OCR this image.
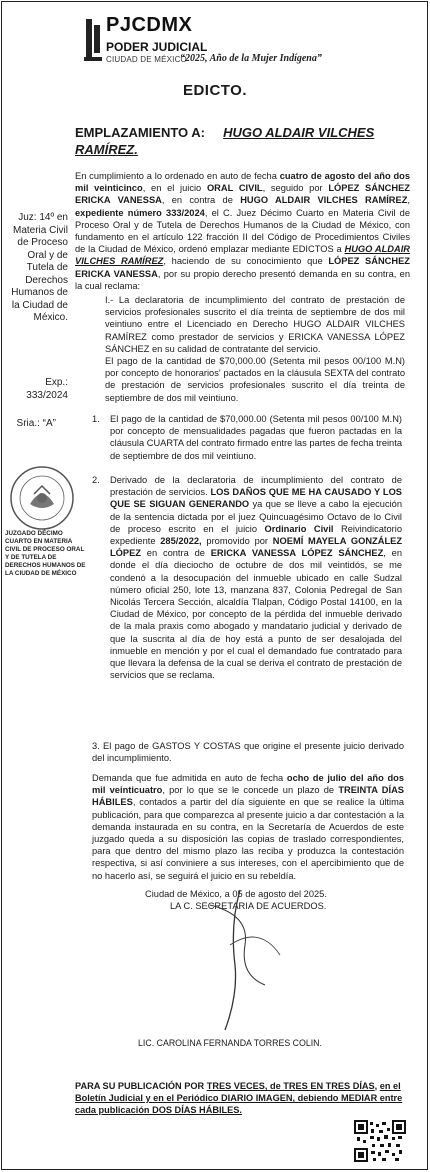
PJCDMX
PODER JUDICIAL
CIUDAD DE MÉXICO
“2025, Año de la Mujer Indígena”
EDICTO.
EMPLAZAMIENTO A: HUGO ALDAIR VILCHES RAMÍREZ.
Juz: 14º en Materia Civil de Proceso Oral y de Tutela de Derechos Humanos de la Ciudad de México.
Exp.: 333/2024
Sria.: “A”
JUZGADO DÉCIMO CUARTO EN MATERIA CIVIL DE PROCESO ORAL Y DE TUTELA DE DERECHOS HUMANOS DE LA CIUDAD DE MÉXICO
En cumplimiento a lo ordenado en auto de fecha cuatro de agosto del año dos mil veinticinco, en el juicio ORAL CIVIL, seguido por LÓPEZ SÁNCHEZ ERICKA VANESSA, en contra de HUGO ALDAIR VILCHES RAMÍREZ, expediente número 333/2024, el C. Juez Décimo Cuarto en Materia Civil de Proceso Oral y de Tutela de Derechos Humanos de la Ciudad de México, con fundamento en el artículo 122 fracción II del Código de Procedimientos Civiles de la Ciudad de México, ordenó emplazar mediante EDICTOS a HUGO ALDAIR VILCHES RAMÍREZ, haciendo de su conocimiento que LÓPEZ SÁNCHEZ ERICKA VANESSA, por su propio derecho presentó demanda en su contra, en la cual reclama:
I.- La declaratoria de incumplimiento del contrato de prestación de servicios profesionales suscrito el día treinta de septiembre de dos mil veintiuno entre el Licenciado en Derecho HUGO ALDAIR VILCHES RAMÍREZ como prestador de servicios y ERICKA VANESSA LÓPEZ SÁNCHEZ en su calidad de contratante del servicio.
El pago de la cantidad de $70,000.00 (Setenta mil pesos 00/100 M.N) por concepto de honorarios' pactados en la cláusula SEXTA del contrato de prestación de servicios profesionales suscrito el día treinta de septiembre de dos mil veintiuno.
1.	El pago de la cantidad de $70,000.00 (Setenta mil pesos 00/100 M.N) por concepto de mensualidades pagadas que fueron pactadas en la cláusula CUARTA del contrato firmado entre las partes de fecha treinta de septiembre de dos mil veintiuno.
2.	Derivado de la declaratoria de incumplimiento del contrato de prestación de servicios. LOS DAÑOS QUE ME HA CAUSADO Y LOS QUE SE SIGUAN GENERANDO ya que se lleve a cabo la ejecución de la sentencia dictada por el juez Quincuagésimo Octavo de lo Civil de proceso escrito en el juicio Ordinario Civil Reivindicatorio expediente 285/2022, promovido por NOEMÍ MAYELA GONZÁLEZ LÓPEZ en contra de ERICKA VANESSA LÓPEZ SÁNCHEZ, en donde el día dieciocho de octubre de dos mil veintidós, se me condenó a la desocupación del inmueble ubicado en calle Sudzal número oficial 250, lote 13, manzana 837, Colonia Pedregal de San Nicolás Tercera Sección, alcaldía Tlalpan, Código Postal 14100, en la Ciudad de México, por concepto de la pérdida del inmueble derivado de la mala praxis como abogado y mandatario judicial y derivado de que la suscrita al día de hoy está a punto de ser desalojada del inmueble en mención y por el cual el demandado fue contratado para que llevara la defensa de la cual se deriva el contrato de prestación de servicios que se reclama.
3. El pago de GASTOS Y COSTAS que origine el presente juicio derivado del incumplimiento.
Demanda que fue admitida en auto de fecha ocho de julio del año dos mil veinticuatro, por lo que se le concede un plazo de TREINTA DÍAS HÁBILES, contados a partir del día siguiente en que se realice la última publicación, para que comparezca al presente juicio a dar contestación a la demanda instaurada en su contra, en la Secretaría de Acuerdos de este juzgado queda a su disposición las copias de traslado correspondientes, para que dentro del mismo plazo las reciba y produzca la contestación respectiva, si así conviniere a sus intereses, con el apercibimiento que de no hacerlo así, se seguirá el juicio en su rebeldía.
Ciudad de México, a 05 de agosto del 2025.
LA C. SECRETARIA DE ACUERDOS.
LIC. CAROLINA FERNANDA TORRES COLIN.
PARA SU PUBLICACIÓN POR TRES VECES, de TRES EN TRES DÍAS, en el Boletín Judicial y en el Periódico DIARIO IMAGEN, debiendo MEDIAR entre cada publicación DOS DÍAS HÁBILES.
